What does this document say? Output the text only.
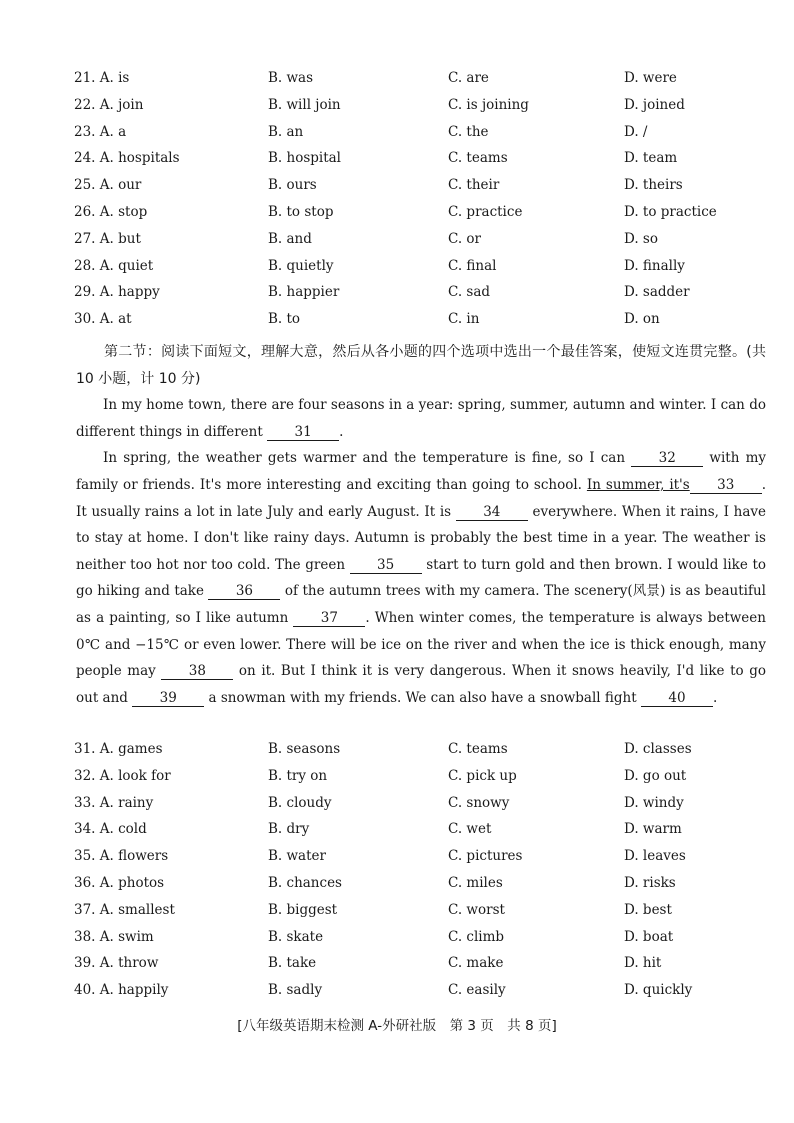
21. A. is	B. was	C. are	D. were
22. A. join	B. will join	C. is joining	D. joined
23. A. a	B. an	C. the	D. /
24. A. hospitals	B. hospital	C. teams	D. team
25. A. our	B. ours	C. their	D. theirs
26. A. stop	B. to stop	C. practice	D. to practice
27. A. but	B. and	C. or	D. so
28. A. quiet	B. quietly	C. final	D. finally
29. A. happy	B. happier	C. sad	D. sadder
30. A. at	B. to	C. in	D. on

第二节：阅读下面短文，理解大意，然后从各小题的四个选项中选出一个最佳答案，使短文连贯完整。(共 10 小题，计 10 分)

In my home town, there are four seasons in a year: spring, summer, autumn and winter. I can do different things in different 31 .

In spring, the weather gets warmer and the temperature is fine, so I can 32 with my family or friends. It's more interesting and exciting than going to school. In summer, it's 33 . It usually rains a lot in late July and early August. It is 34 everywhere. When it rains, I have to stay at home. I don't like rainy days. Autumn is probably the best time in a year. The weather is neither too hot nor too cold. The green 35 start to turn gold and then brown. I would like to go hiking and take 36 of the autumn trees with my camera. The scenery(风景) is as beautiful as a painting, so I like autumn 37 . When winter comes, the temperature is always between 0℃ and −15℃ or even lower. There will be ice on the river and when the ice is thick enough, many people may 38 on it. But I think it is very dangerous. When it snows heavily, I'd like to go out and 39 a snowman with my friends. We can also have a snowball fight 40 .

31. A. games	B. seasons	C. teams	D. classes
32. A. look for	B. try on	C. pick up	D. go out
33. A. rainy	B. cloudy	C. snowy	D. windy
34. A. cold	B. dry	C. wet	D. warm
35. A. flowers	B. water	C. pictures	D. leaves
36. A. photos	B. chances	C. miles	D. risks
37. A. smallest	B. biggest	C. worst	D. best
38. A. swim	B. skate	C. climb	D. boat
39. A. throw	B. take	C. make	D. hit
40. A. happily	B. sadly	C. easily	D. quickly
[八年级英语期末检测 A-外研社版　第 3 页　共 8 页]
